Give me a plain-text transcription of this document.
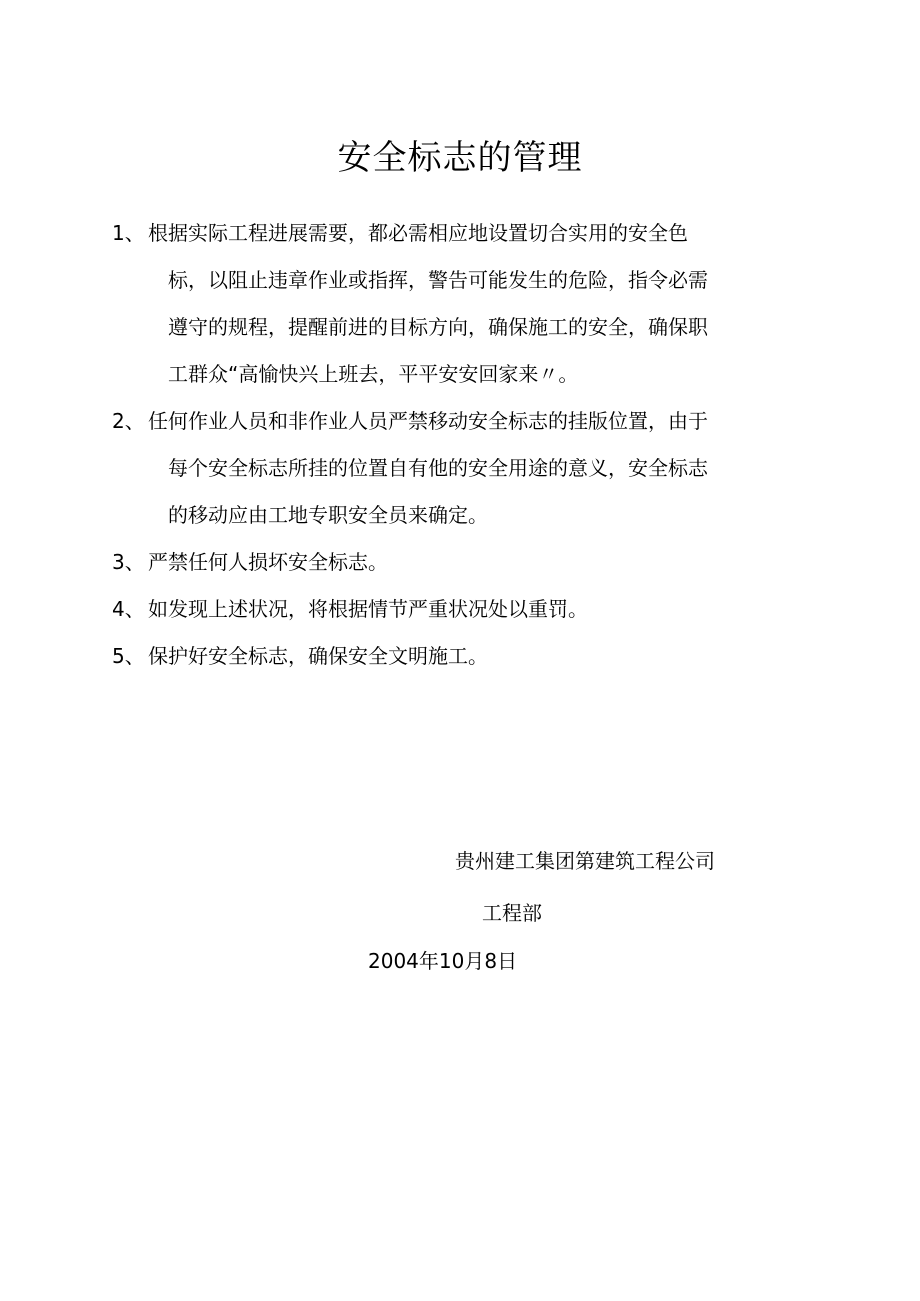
安全标志的管理
1、 根据实际工程进展需要，都必需相应地设置切合实用的安全色
标，以阻止违章作业或指挥，警告可能发生的危险，指令必需
遵守的规程，提醒前进的目标方向，确保施工的安全，确保职
工群众“高愉快兴上班去，平平安安回家来〃。
2、 任何作业人员和非作业人员严禁移动安全标志的挂版位置，由于
每个安全标志所挂的位置自有他的安全用途的意义，安全标志
的移动应由工地专职安全员来确定。
3、 严禁任何人损坏安全标志。
4、 如发现上述状况，将根据情节严重状况处以重罚。
5、 保护好安全标志，确保安全文明施工。
贵州建工集团第建筑工程公司
工程部
2004年10月8日
